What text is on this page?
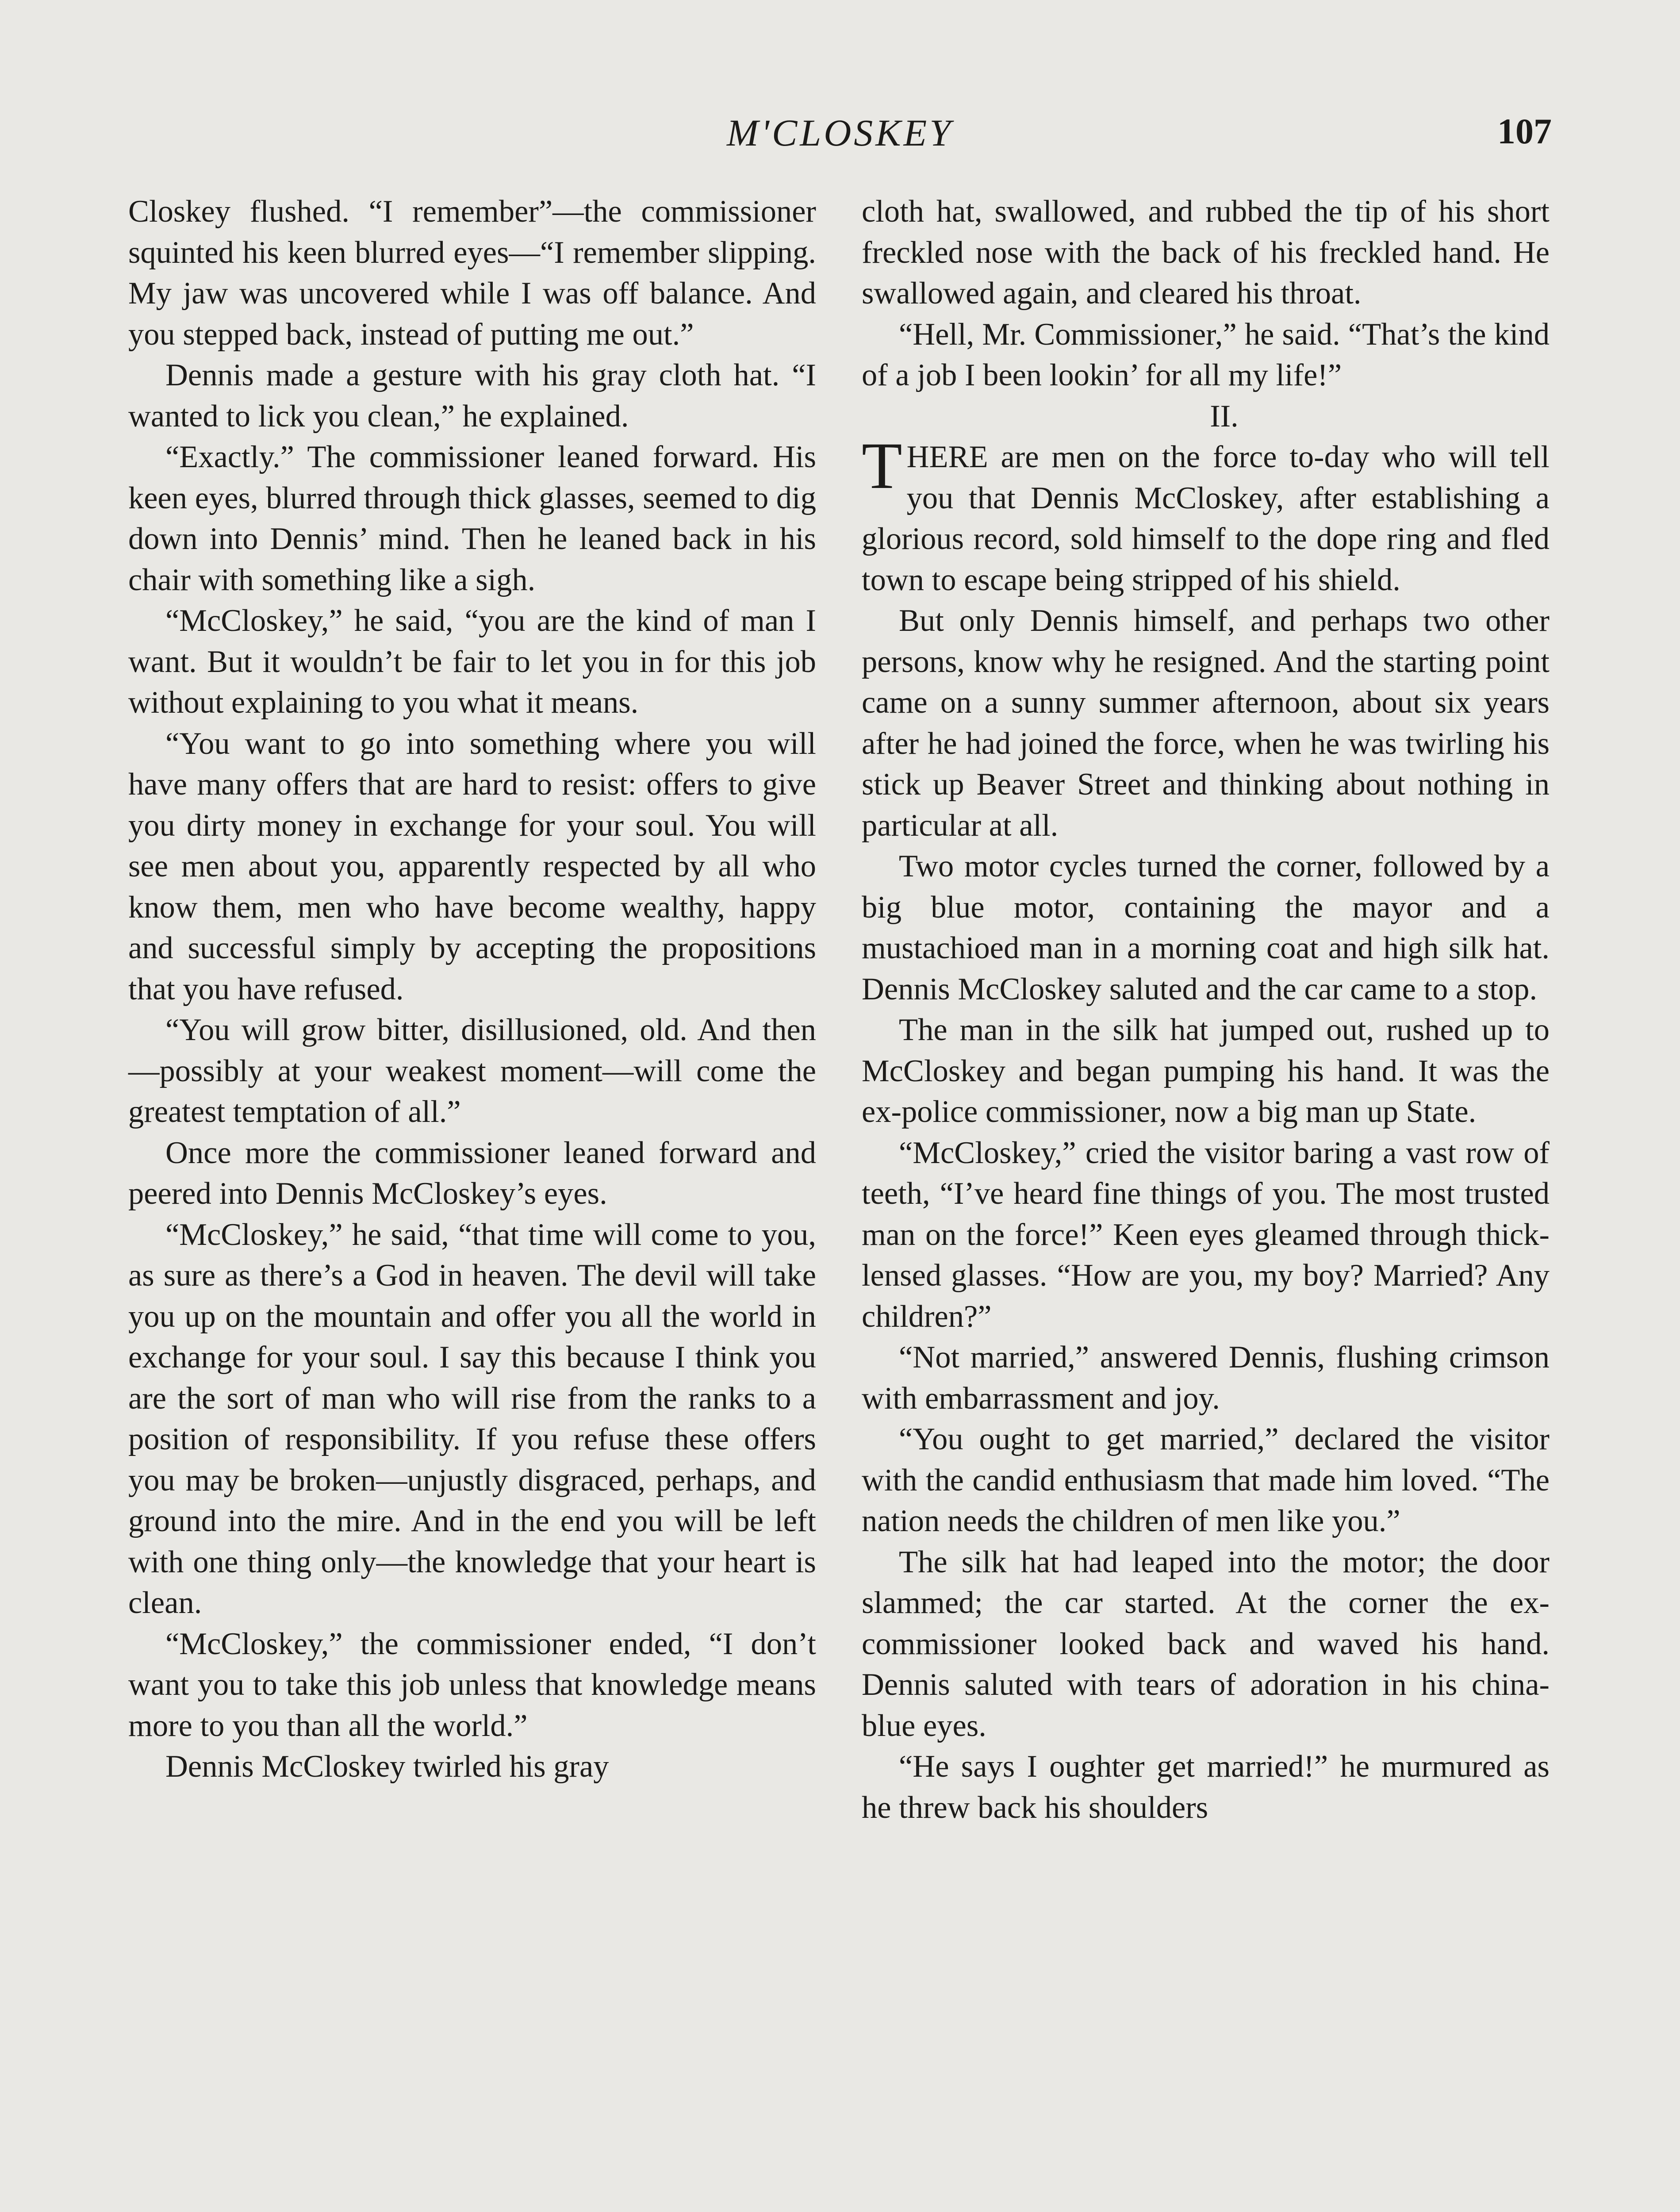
M'CLOSKEY	107

Closkey flushed. “I remember”—the commissioner squinted his keen blurred eyes—“I remember slipping. My jaw was uncovered while I was off balance. And you stepped back, instead of putting me out.”

Dennis made a gesture with his gray cloth hat. “I wanted to lick you clean,” he explained.

“Exactly.” The commissioner leaned forward. His keen eyes, blurred through thick glasses, seemed to dig down into Dennis’ mind. Then he leaned back in his chair with something like a sigh.

“McCloskey,” he said, “you are the kind of man I want. But it wouldn’t be fair to let you in for this job without explaining to you what it means.

“You want to go into something where you will have many offers that are hard to resist: offers to give you dirty money in exchange for your soul. You will see men about you, apparently respected by all who know them, men who have become wealthy, happy and successful simply by accepting the propositions that you have refused.

“You will grow bitter, disillusioned, old. And then—possibly at your weakest moment—will come the greatest temptation of all.”

Once more the commissioner leaned forward and peered into Dennis McCloskey’s eyes.

“McCloskey,” he said, “that time will come to you, as sure as there’s a God in heaven. The devil will take you up on the mountain and offer you all the world in exchange for your soul. I say this because I think you are the sort of man who will rise from the ranks to a position of responsibility. If you refuse these offers you may be broken—unjustly disgraced, perhaps, and ground into the mire. And in the end you will be left with one thing only—the knowledge that your heart is clean.

“McCloskey,” the commissioner ended, “I don’t want you to take this job unless that knowledge means more to you than all the world.”

Dennis McCloskey twirled his gray

cloth hat, swallowed, and rubbed the tip of his short freckled nose with the back of his freckled hand. He swallowed again, and cleared his throat.

“Hell, Mr. Commissioner,” he said. “That’s the kind of a job I been lookin’ for all my life!”

II.

THERE are men on the force to-day who will tell you that Dennis McCloskey, after establishing a glorious record, sold himself to the dope ring and fled town to escape being stripped of his shield.

But only Dennis himself, and perhaps two other persons, know why he resigned. And the starting point came on a sunny summer afternoon, about six years after he had joined the force, when he was twirling his stick up Beaver Street and thinking about nothing in particular at all.

Two motor cycles turned the corner, followed by a big blue motor, containing the mayor and a mustachioed man in a morning coat and high silk hat. Dennis McCloskey saluted and the car came to a stop.

The man in the silk hat jumped out, rushed up to McCloskey and began pumping his hand. It was the ex-police commissioner, now a big man up State.

“McCloskey,” cried the visitor baring a vast row of teeth, “I’ve heard fine things of you. The most trusted man on the force!” Keen eyes gleamed through thick-lensed glasses. “How are you, my boy? Married? Any children?”

“Not married,” answered Dennis, flushing crimson with embarrassment and joy.

“You ought to get married,” declared the visitor with the candid enthusiasm that made him loved. “The nation needs the children of men like you.”

The silk hat had leaped into the motor; the door slammed; the car started. At the corner the ex-commissioner looked back and waved his hand. Dennis saluted with tears of adoration in his china-blue eyes.

“He says I oughter get married!” he murmured as he threw back his shoulders
